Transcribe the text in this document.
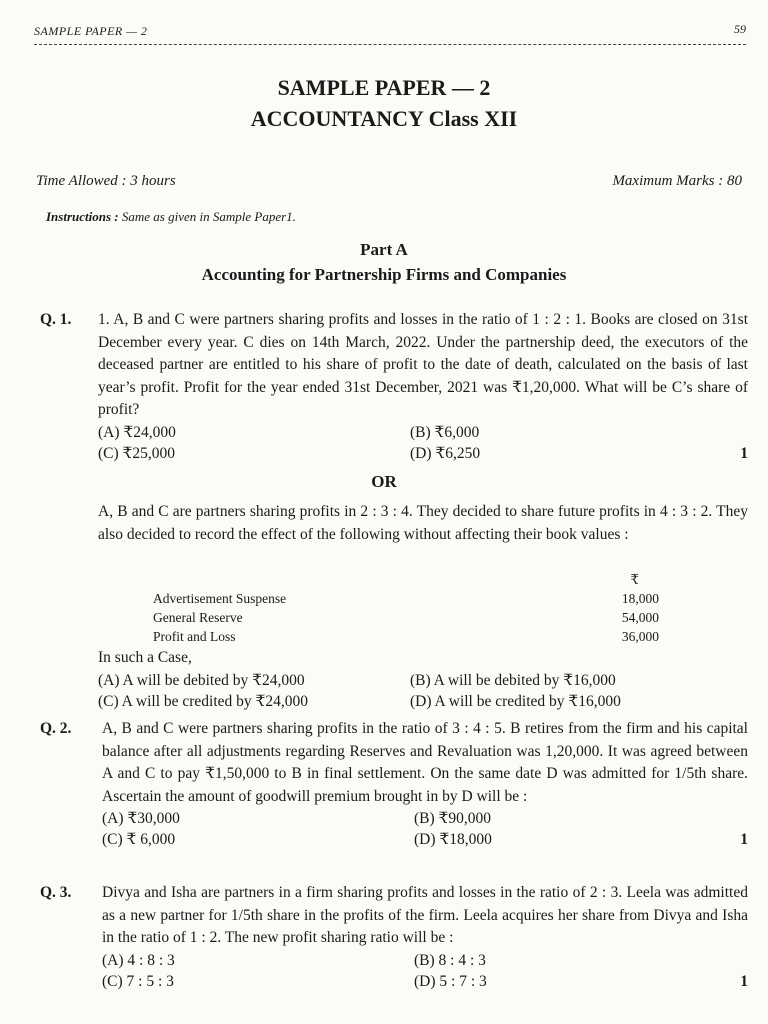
SAMPLE PAPER — 2	59
SAMPLE PAPER — 2
ACCOUNTANCY Class XII
Time Allowed : 3 hours	Maximum Marks : 80
Instructions : Same as given in Sample Paper1.
Part A
Accounting for Partnership Firms and Companies
Q. 1. 1. A, B and C were partners sharing profits and losses in the ratio of 1 : 2 : 1. Books are closed on 31st December every year. C dies on 14th March, 2022. Under the partnership deed, the executors of the deceased partner are entitled to his share of profit to the date of death, calculated on the basis of last year’s profit. Profit for the year ended 31st December, 2021 was ₹1,20,000. What will be C’s share of profit?
(A) ₹24,000	(B) ₹6,000
(C) ₹25,000	(D) ₹6,250	1
OR
A, B and C are partners sharing profits in 2 : 3 : 4. They decided to share future profits in 4 : 3 : 2. They also decided to record the effect of the following without affecting their book values :
₹
Advertisement Suspense	18,000
General Reserve	54,000
Profit and Loss	36,000
In such a Case,
(A) A will be debited by ₹24,000	(B) A will be debited by ₹16,000
(C) A will be credited by ₹24,000	(D) A will be credited by ₹16,000
Q. 2. A, B and C were partners sharing profits in the ratio of 3 : 4 : 5. B retires from the firm and his capital balance after all adjustments regarding Reserves and Revaluation was 1,20,000. It was agreed between A and C to pay ₹1,50,000 to B in final settlement. On the same date D was admitted for 1/5th share. Ascertain the amount of goodwill premium brought in by D will be :
(A) ₹30,000	(B) ₹90,000
(C) ₹ 6,000	(D) ₹18,000	1
Q. 3. Divya and Isha are partners in a firm sharing profits and losses in the ratio of 2 : 3. Leela was admitted as a new partner for 1/5th share in the profits of the firm. Leela acquires her share from Divya and Isha in the ratio of 1 : 2. The new profit sharing ratio will be :
(A) 4 : 8 : 3	(B) 8 : 4 : 3
(C) 7 : 5 : 3	(D) 5 : 7 : 3	1
